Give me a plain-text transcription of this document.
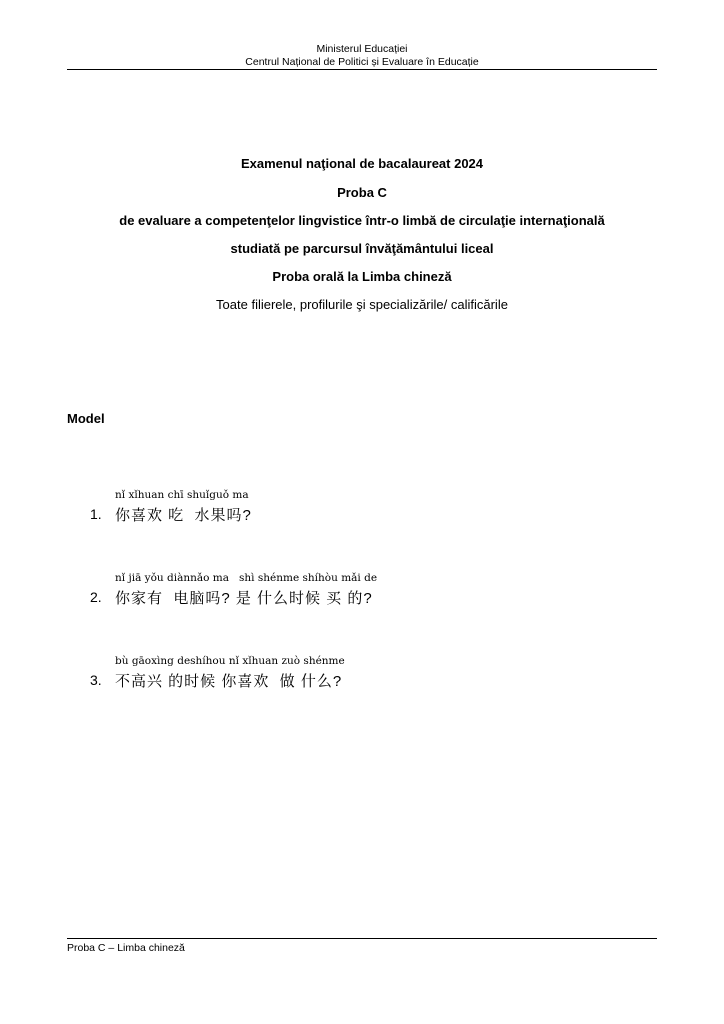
Ministerul Educației
Centrul Național de Politici și Evaluare în Educație
Examenul naţional de bacalaureat 2024
Proba C
de evaluare a competenţelor lingvistice într-o limbă de circulaţie internaţională
studiată pe parcursul învăţământului liceal
Proba orală la Limba chineză
Toate filierele, profilurile şi specializările/ calificările
Model
nǐ xǐhuan chī shuǐguǒ ma
1. 你喜欢 吃  水果吗?
nǐ jiā yǒu diànnǎo ma   shì shénme shíhòu mǎi de
2. 你家有  电脑吗? 是 什么时候 买 的?
bù gāoxìng deshíhou nǐ xǐhuan zuò shénme
3. 不高兴 的时候 你喜欢  做 什么?
Proba C – Limba chineză
